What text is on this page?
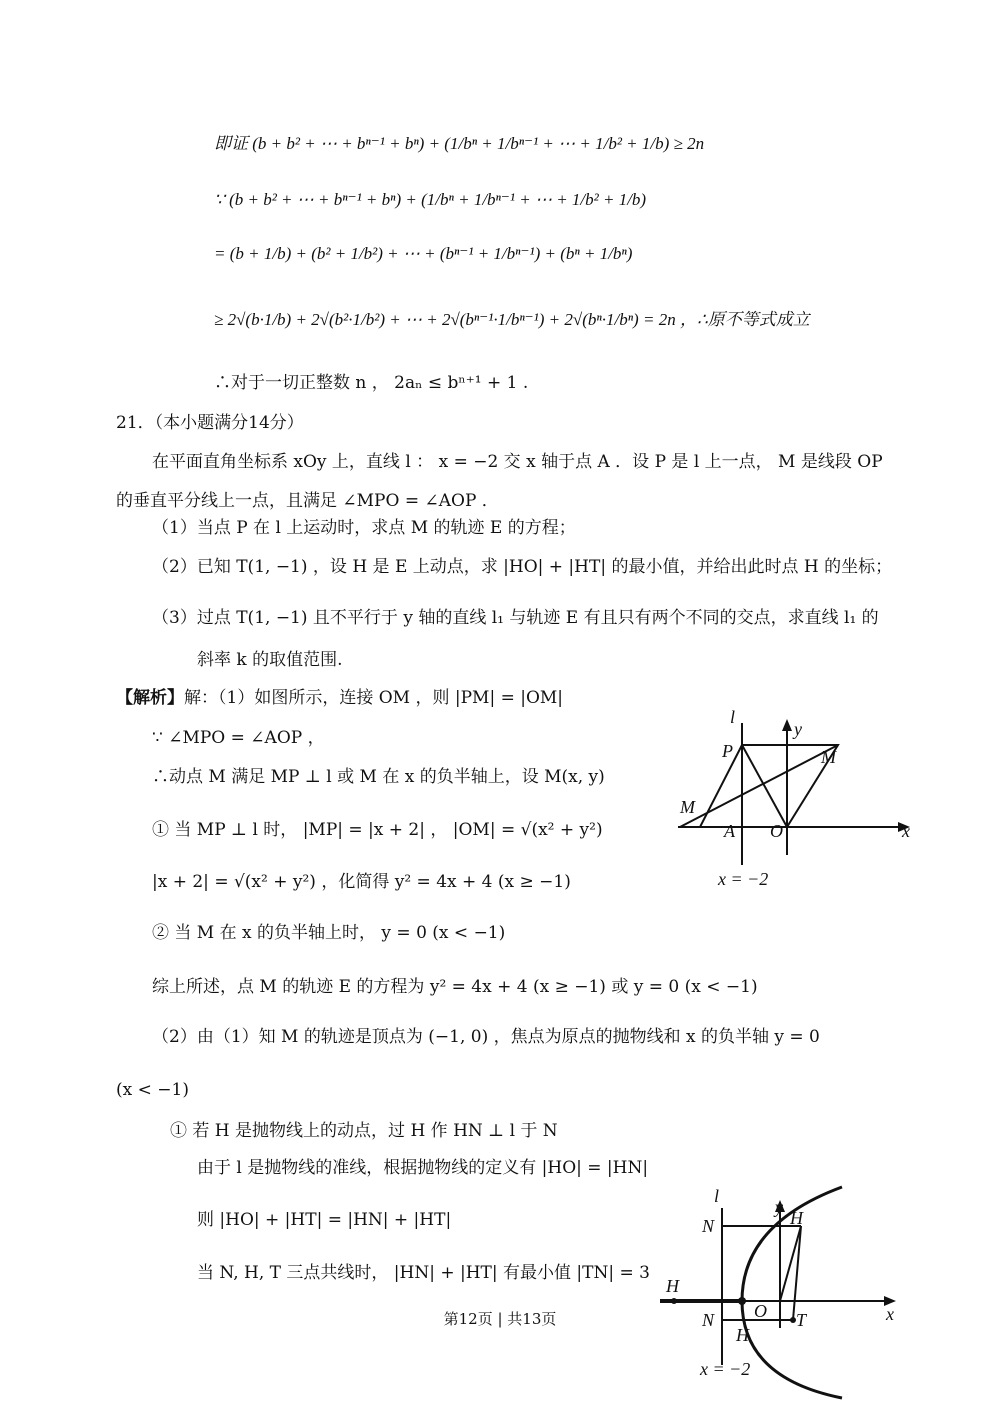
即证 (b + b² + ⋯ + bⁿ⁻¹ + bⁿ) + (1/bⁿ + 1/bⁿ⁻¹ + ⋯ + 1/b² + 1/b) ≥ 2n
∵ (b + b² + ⋯ + bⁿ⁻¹ + bⁿ) + (1/bⁿ + 1/bⁿ⁻¹ + ⋯ + 1/b² + 1/b)
= (b + 1/b) + (b² + 1/b²) + ⋯ + (bⁿ⁻¹ + 1/bⁿ⁻¹) + (bⁿ + 1/bⁿ)
≥ 2√(b·1/b) + 2√(b²·1/b²) + ⋯ + 2√(bⁿ⁻¹·1/bⁿ⁻¹) + 2√(bⁿ·1/bⁿ) = 2n ，∴原不等式成立
∴对于一切正整数 n ， 2aₙ ≤ bⁿ⁺¹ + 1 .
21．（本小题满分14分）
在平面直角坐标系 xOy 上，直线 l ： x = −2 交 x 轴于点 A ．设 P 是 l 上一点， M 是线段 OP
的垂直平分线上一点，且满足 ∠MPO = ∠AOP ．
（1）当点 P 在 l 上运动时，求点 M 的轨迹 E 的方程；
（2）已知 T(1, −1) ，设 H 是 E 上动点，求 |HO| + |HT| 的最小值，并给出此时点 H 的坐标；
（3）过点 T(1, −1) 且不平行于 y 轴的直线 l₁ 与轨迹 E 有且只有两个不同的交点，求直线 l₁ 的
斜率 k 的取值范围.
【解析】解：（1）如图所示，连接 OM ，则 |PM| = |OM|
∵ ∠MPO = ∠AOP ，
∴动点 M 满足 MP ⊥ l 或 M 在 x 的负半轴上，设 M(x, y)
① 当 MP ⊥ l 时， |MP| = |x + 2| ， |OM| = √(x² + y²)
|x + 2| = √(x² + y²) ，化简得 y² = 4x + 4 (x ≥ −1)
② 当 M 在 x 的负半轴上时， y = 0 (x < −1)
综上所述，点 M 的轨迹 E 的方程为 y² = 4x + 4 (x ≥ −1) 或 y = 0 (x < −1)
（2）由（1）知 M 的轨迹是顶点为 (−1, 0) ，焦点为原点的抛物线和 x 的负半轴 y = 0
(x < −1)
① 若 H 是抛物线上的动点，过 H 作 HN ⊥ l 于 N
由于 l 是抛物线的准线，根据抛物线的定义有 |HO| = |HN|
则 |HO| + |HT| = |HN| + |HT|
当 N, H, T 三点共线时， |HN| + |HT| 有最小值 |TN| = 3
l
y
P	M
M
A O	x
x = −2
l
y
N	H
H
N O T	x
H
x = −2
第12页 | 共13页
